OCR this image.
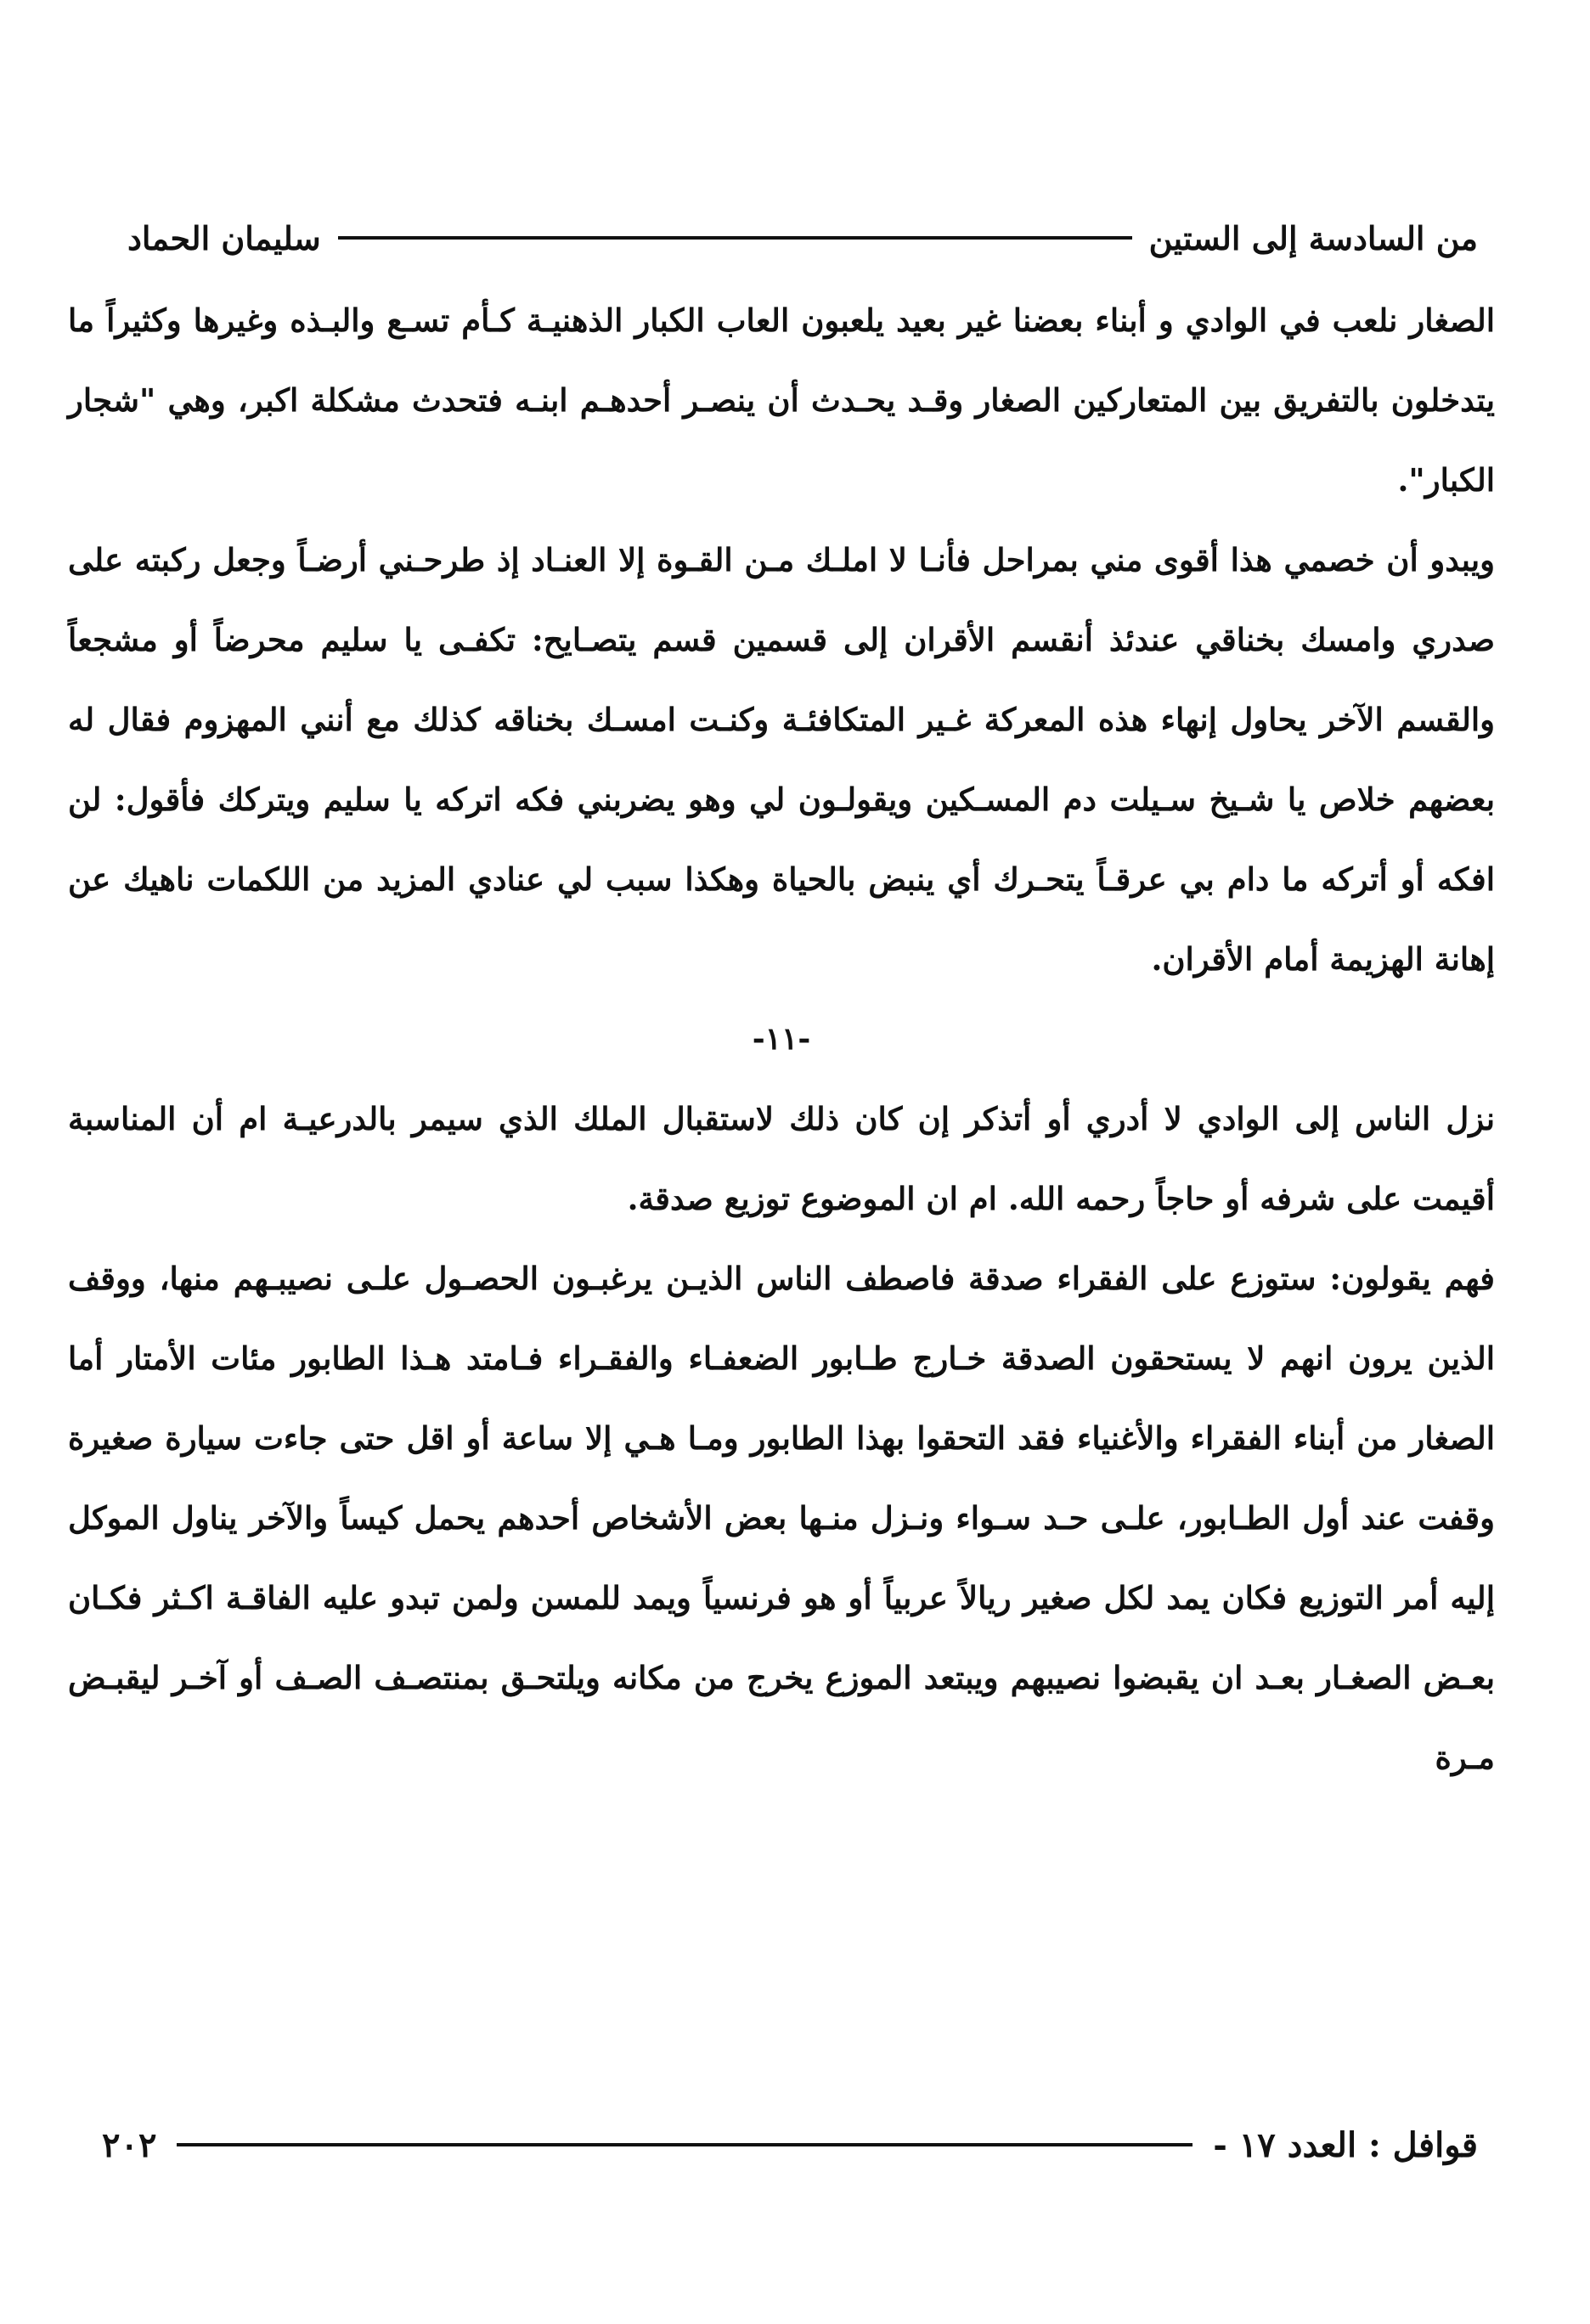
من السادسة إلى الستين
سليمان الحماد

الصغار نلعب في الوادي و أبناء بعضنا غير بعيد يلعبون العاب الكبار الذهنيـة كـأم تسـع والبـذه وغيرها وكثيراً ما يتدخلون بالتفريق بين المتعاركين الصغار وقـد يحـدث أن ينصـر أحدهـم ابنـه فتحدث مشكلة اكبر، وهي "شجار الكبار".

ويبدو أن خصمي هذا أقوى مني بمراحل فأنـا لا املـك مـن القـوة إلا العنـاد إذ طرحـني أرضـاً وجعل ركبته على صدري وامسك بخناقي عندئذ أنقسم الأقران إلى قسمين قسم يتصـايح: تكفـى يا سليم محرضاً أو مشجعاً والقسم الآخر يحاول إنهاء هذه المعركة غـير المتكافئـة وكنـت امسـك بخناقه كذلك مع أنني المهزوم فقال له بعضهم خلاص يا شـيخ سـيلت دم المسـكين ويقولـون لي وهو يضربني فكه اتركه يا سليم ويتركك فأقول: لن افكه أو أتركه ما دام بي عرقـاً يتحـرك أي ينبض بالحياة وهكذا سبب لي عنادي المزيد من اللكمات ناهيك عن إهانة الهزيمة أمام الأقران.

-١١-

نزل الناس إلى الوادي لا أدري أو أتذكر إن كان ذلك لاستقبال الملك الذي سيمر بالدرعيـة ام أن المناسبة أقيمت على شرفه أو حاجاً رحمه الله. ام ان الموضوع توزيع صدقة.

فهم يقولون: ستوزع على الفقراء صدقة فاصطف الناس الذيـن يرغبـون الحصـول علـى نصيبـهم منها، ووقف الذين يرون انهم لا يستحقون الصدقة خـارج طـابور الضعفـاء والفقـراء فـامتد هـذا الطابور مئات الأمتار أما الصغار من أبناء الفقراء والأغنياء فقد التحقوا بهذا الطابور ومـا هـي إلا ساعة أو اقل حتى جاءت سيارة صغيرة وقفت عند أول الطـابور، علـى حـد سـواء ونـزل منـها بعض الأشخاص أحدهم يحمل كيساً والآخر يناول الموكل إليه أمر التوزيع فكان يمد لكل صغير ريالاً عربياً أو هو فرنسياً ويمد للمسن ولمن تبدو عليه الفاقـة اكـثر فكـان بعـض الصغـار بعـد ان يقبضوا نصيبهم ويبتعد الموزع يخرج من مكانه ويلتحـق بمنتصـف الصـف أو آخـر ليقبـض مـرة

قوافل : العدد ١٧ -
٢٠٢
